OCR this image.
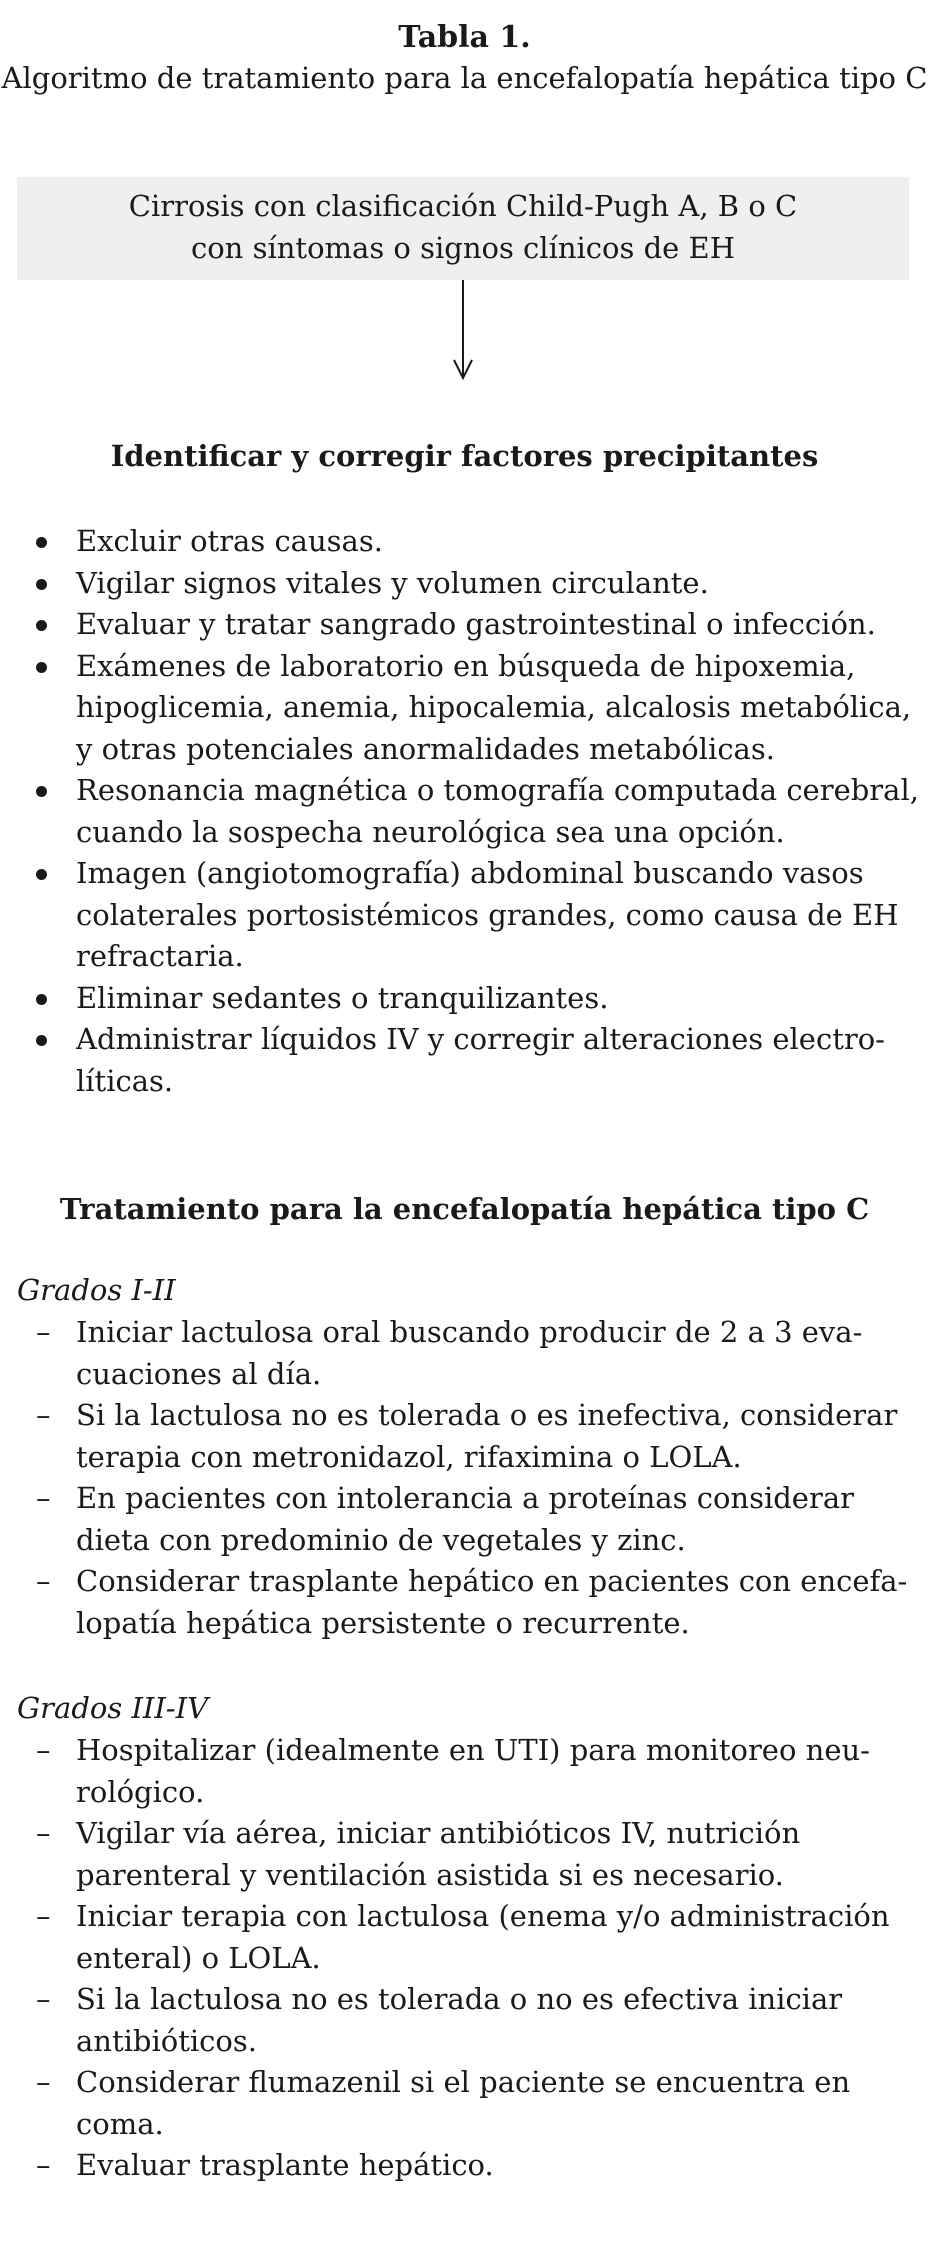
Tabla 1.
Algoritmo de tratamiento para la encefalopatía hepática tipo C
Cirrosis con clasificación Child-Pugh A, B o C
con síntomas o signos clínicos de EH
Identificar y corregir factores precipitantes
Excluir otras causas.
Vigilar signos vitales y volumen circulante.
Evaluar y tratar sangrado gastrointestinal o infección.
Exámenes de laboratorio en búsqueda de hipoxemia,
hipoglicemia, anemia, hipocalemia, alcalosis metabólica,
y otras potenciales anormalidades metabólicas.
Resonancia magnética o tomografía computada cerebral,
cuando la sospecha neurológica sea una opción.
Imagen (angiotomografía) abdominal buscando vasos
colaterales portosistémicos grandes, como causa de EH
refractaria.
Eliminar sedantes o tranquilizantes.
Administrar líquidos IV y corregir alteraciones electro-
líticas.
Tratamiento para la encefalopatía hepática tipo C
Grados I-II
– Iniciar lactulosa oral buscando producir de 2 a 3 eva-
cuaciones al día.
– Si la lactulosa no es tolerada o es inefectiva, considerar
terapia con metronidazol, rifaximina o LOLA.
– En pacientes con intolerancia a proteínas considerar
dieta con predominio de vegetales y zinc.
– Considerar trasplante hepático en pacientes con encefa-
lopatía hepática persistente o recurrente.
Grados III-IV
– Hospitalizar (idealmente en UTI) para monitoreo neu-
rológico.
– Vigilar vía aérea, iniciar antibióticos IV, nutrición
parenteral y ventilación asistida si es necesario.
– Iniciar terapia con lactulosa (enema y/o administración
enteral) o LOLA.
– Si la lactulosa no es tolerada o no es efectiva iniciar
antibióticos.
– Considerar flumazenil si el paciente se encuentra en
coma.
– Evaluar trasplante hepático.
